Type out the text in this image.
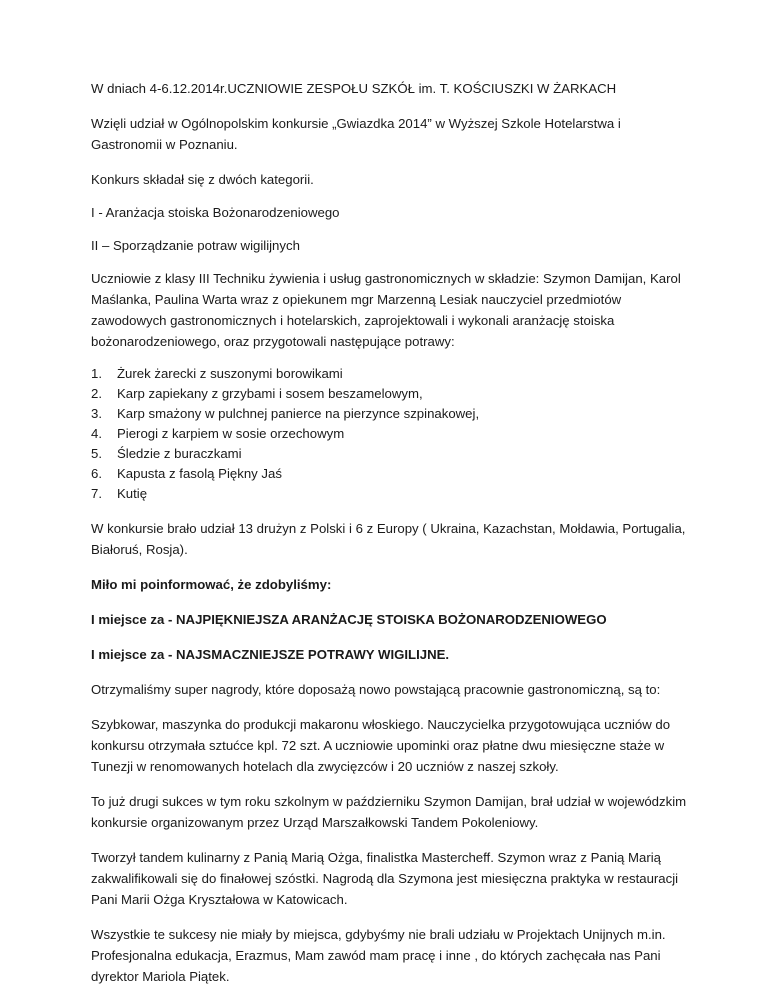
W dniach 4-6.12.2014r.UCZNIOWIE ZESPOŁU SZKÓŁ im. T. KOŚCIUSZKI W ŻARKACH

Wzięli udział w Ogólnopolskim konkursie „Gwiazdka 2014” w Wyższej Szkole Hotelarstwa i Gastronomii w Poznaniu.

Konkurs składał się z dwóch kategorii.

I - Aranżacja stoiska Bożonarodzeniowego

II – Sporządzanie potraw wigilijnych

Uczniowie z klasy III Techniku żywienia i usług gastronomicznych w składzie: Szymon Damijan, Karol Maślanka, Paulina Warta wraz z opiekunem mgr Marzenną Lesiak nauczyciel przedmiotów zawodowych gastronomicznych i hotelarskich, zaprojektowali i wykonali aranżację stoiska bożonarodzeniowego, oraz przygotowali następujące potrawy:

1.	Żurek żarecki z suszonymi borowikami
2.	Karp zapiekany z grzybami i sosem beszamelowym,
3.	Karp smażony w pulchnej panierce na pierzynce szpinakowej,
4.	Pierogi z karpiem w sosie orzechowym
5.	Śledzie z buraczkami
6.	Kapusta z fasolą Piękny Jaś
7.	Kutię

W konkursie brało udział 13 drużyn z Polski i 6 z Europy ( Ukraina, Kazachstan, Mołdawia, Portugalia, Białoruś, Rosja).

Miło mi poinformować, że zdobyliśmy:

I miejsce za - NAJPIĘKNIEJSZA ARANŻACJĘ STOISKA BOŻONARODZENIOWEGO

I miejsce za - NAJSMACZNIEJSZE POTRAWY WIGILIJNE.

Otrzymaliśmy super nagrody, które doposażą nowo powstającą pracownie gastronomiczną, są to:

Szybkowar, maszynka do produkcji makaronu włoskiego. Nauczycielka przygotowująca uczniów do konkursu otrzymała sztućce kpl. 72 szt. A uczniowie upominki oraz płatne dwu miesięczne staże w Tunezji w renomowanych hotelach dla zwycięzców i 20 uczniów z naszej szkoły.

To już drugi sukces w tym roku szkolnym w październiku Szymon Damijan, brał udział w wojewódzkim konkursie organizowanym przez Urząd Marszałkowski Tandem Pokoleniowy.

Tworzył tandem kulinarny z Panią Marią Ożga, finalistka Mastercheff. Szymon wraz z Panią Marią zakwalifikowali się do finałowej szóstki. Nagrodą dla Szymona jest miesięczna praktyka w restauracji Pani Marii Ożga Kryształowa w Katowicach.

Wszystkie te sukcesy nie miały by miejsca, gdybyśmy nie brali udziału w Projektach Unijnych m.in. Profesjonalna edukacja, Erazmus, Mam zawód mam pracę i inne , do których zachęcała nas Pani dyrektor Mariola Piątek.
